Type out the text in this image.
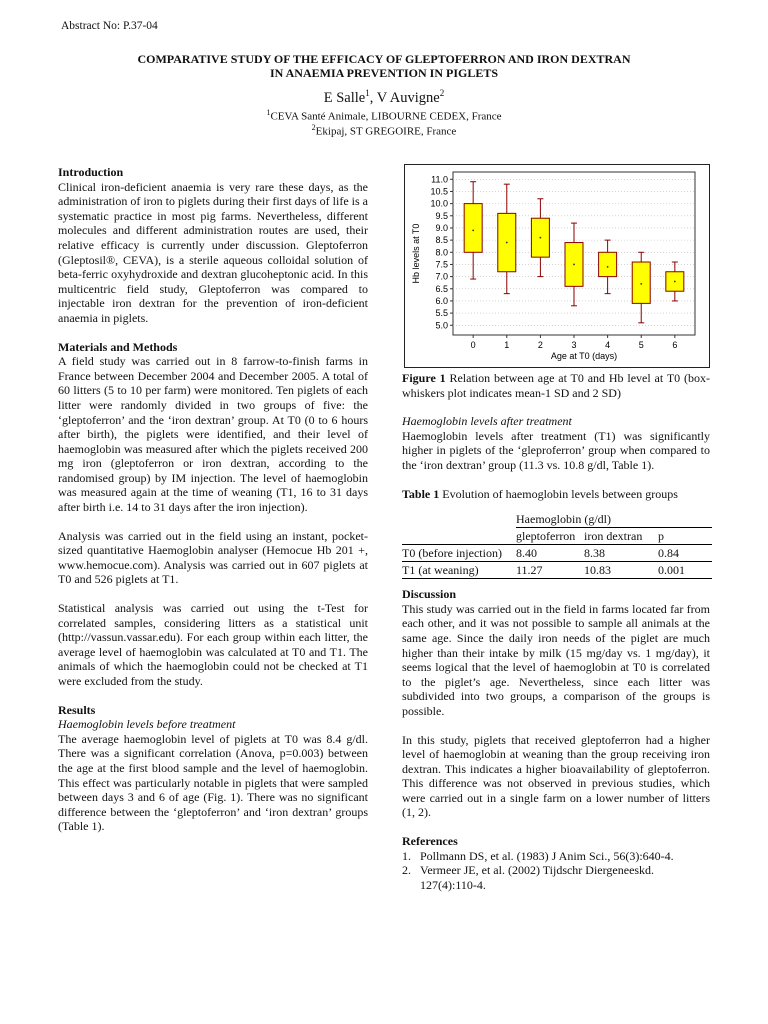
Abstract No: P.37-04
COMPARATIVE STUDY OF THE EFFICACY OF GLEPTOFERRON AND IRON DEXTRAN
IN ANAEMIA PREVENTION IN PIGLETS
E Salle$^1$, V Auvigne$^2$
$^1$CEVA Santé Animale, LIBOURNE CEDEX, France
$^2$Ekipaj, ST GREGOIRE, France
Introduction

Clinical iron-deficient anaemia is very rare these days, as the administration of iron to piglets during their first days of life is a systematic practice in most pig farms. Nevertheless, different molecules and different administration routes are used, their relative efficacy is currently under discussion. Gleptoferron (Gleptosil®, CEVA), is a sterile aqueous colloidal solution of beta-ferric oxyhydroxide and dextran glucoheptonic acid. In this multicentric field study, Gleptoferron was compared to injectable iron dextran for the prevention of iron-deficient anaemia in piglets.

Materials and Methods

A field study was carried out in 8 farrow-to-finish farms in France between December 2004 and December 2005. A total of 60 litters (5 to 10 per farm) were monitored. Ten piglets of each litter were randomly divided in two groups of five: the ‘gleptoferron’ and the ‘iron dextran’ group. At T0 (0 to 6 hours after birth), the piglets were identified, and their level of haemoglobin was measured after which the piglets received 200 mg iron (gleptoferron or iron dextran, according to the randomised group) by IM injection. The level of haemoglobin was measured again at the time of weaning (T1, 16 to 31 days after birth i.e. 14 to 31 days after the iron injection).

Analysis was carried out in the field using an instant, pocket-sized quantitative Haemoglobin analyser (Hemocue Hb 201 +, www.hemocue.com). Analysis was carried out in 607 piglets at T0 and 526 piglets at T1.

Statistical analysis was carried out using the t-Test for correlated samples, considering litters as a statistical unit (http://vassun.vassar.edu). For each group within each litter, the average level of haemoglobin was calculated at T0 and T1. The animals of which the haemoglobin could not be checked at T1 were excluded from the study.

Results

Haemoglobin levels before treatment

The average haemoglobin level of piglets at T0 was 8.4 g/dl. There was a significant correlation (Anova, p=0.003) between the age at the first blood sample and the level of haemoglobin. This effect was particularly notable in piglets that were sampled between days 3 and 6 of age (Fig. 1). There was no significant difference between the ‘gleptoferron’ and ‘iron dextran’ groups (Table 1).

5.0
5.5
6.0
6.5
7.0
7.5
8.0
8.5
9.0
9.5
10.0
10.5
11.0
0	1	2	3	4	5	6
Age at T0 (days)
Hb levels at T0

Figure 1 Relation between age at T0 and Hb level at T0 (box-whiskers plot indicates mean-1 SD and 2 SD)

Haemoglobin levels after treatment

Haemoglobin levels after treatment (T1) was significantly higher in piglets of the ‘gleproferron’ group when compared to the ‘iron dextran’ group (11.3 vs. 10.8 g/dl, Table 1).

Table 1 Evolution of haemoglobin levels between groups

	Haemoglobin (g/dl)		
	gleptoferron	iron dextran	p
T0 (before injection)	8.40	8.38	0.84
T1 (at weaning)	11.27	10.83	0.001
Discussion

This study was carried out in the field in farms located far from each other, and it was not possible to sample all animals at the same age. Since the daily iron needs of the piglet are much higher than their intake by milk (15 mg/day vs. 1 mg/day), it seems logical that the level of haemoglobin at T0 is correlated to the piglet’s age. Nevertheless, since each litter was subdivided into two groups, a comparison of the groups is possible.

In this study, piglets that received gleptoferron had a higher level of haemoglobin at weaning than the group receiving iron dextran. This indicates a higher bioavailability of gleptoferron. This difference was not observed in previous studies, which were carried out in a single farm on a lower number of litters (1, 2).

References
1. Pollmann DS, et al. (1983) J Anim Sci., 56(3):640-4.
2. Vermeer JE, et al. (2002) Tijdschr Diergeneeskd. 127(4):110-4.
